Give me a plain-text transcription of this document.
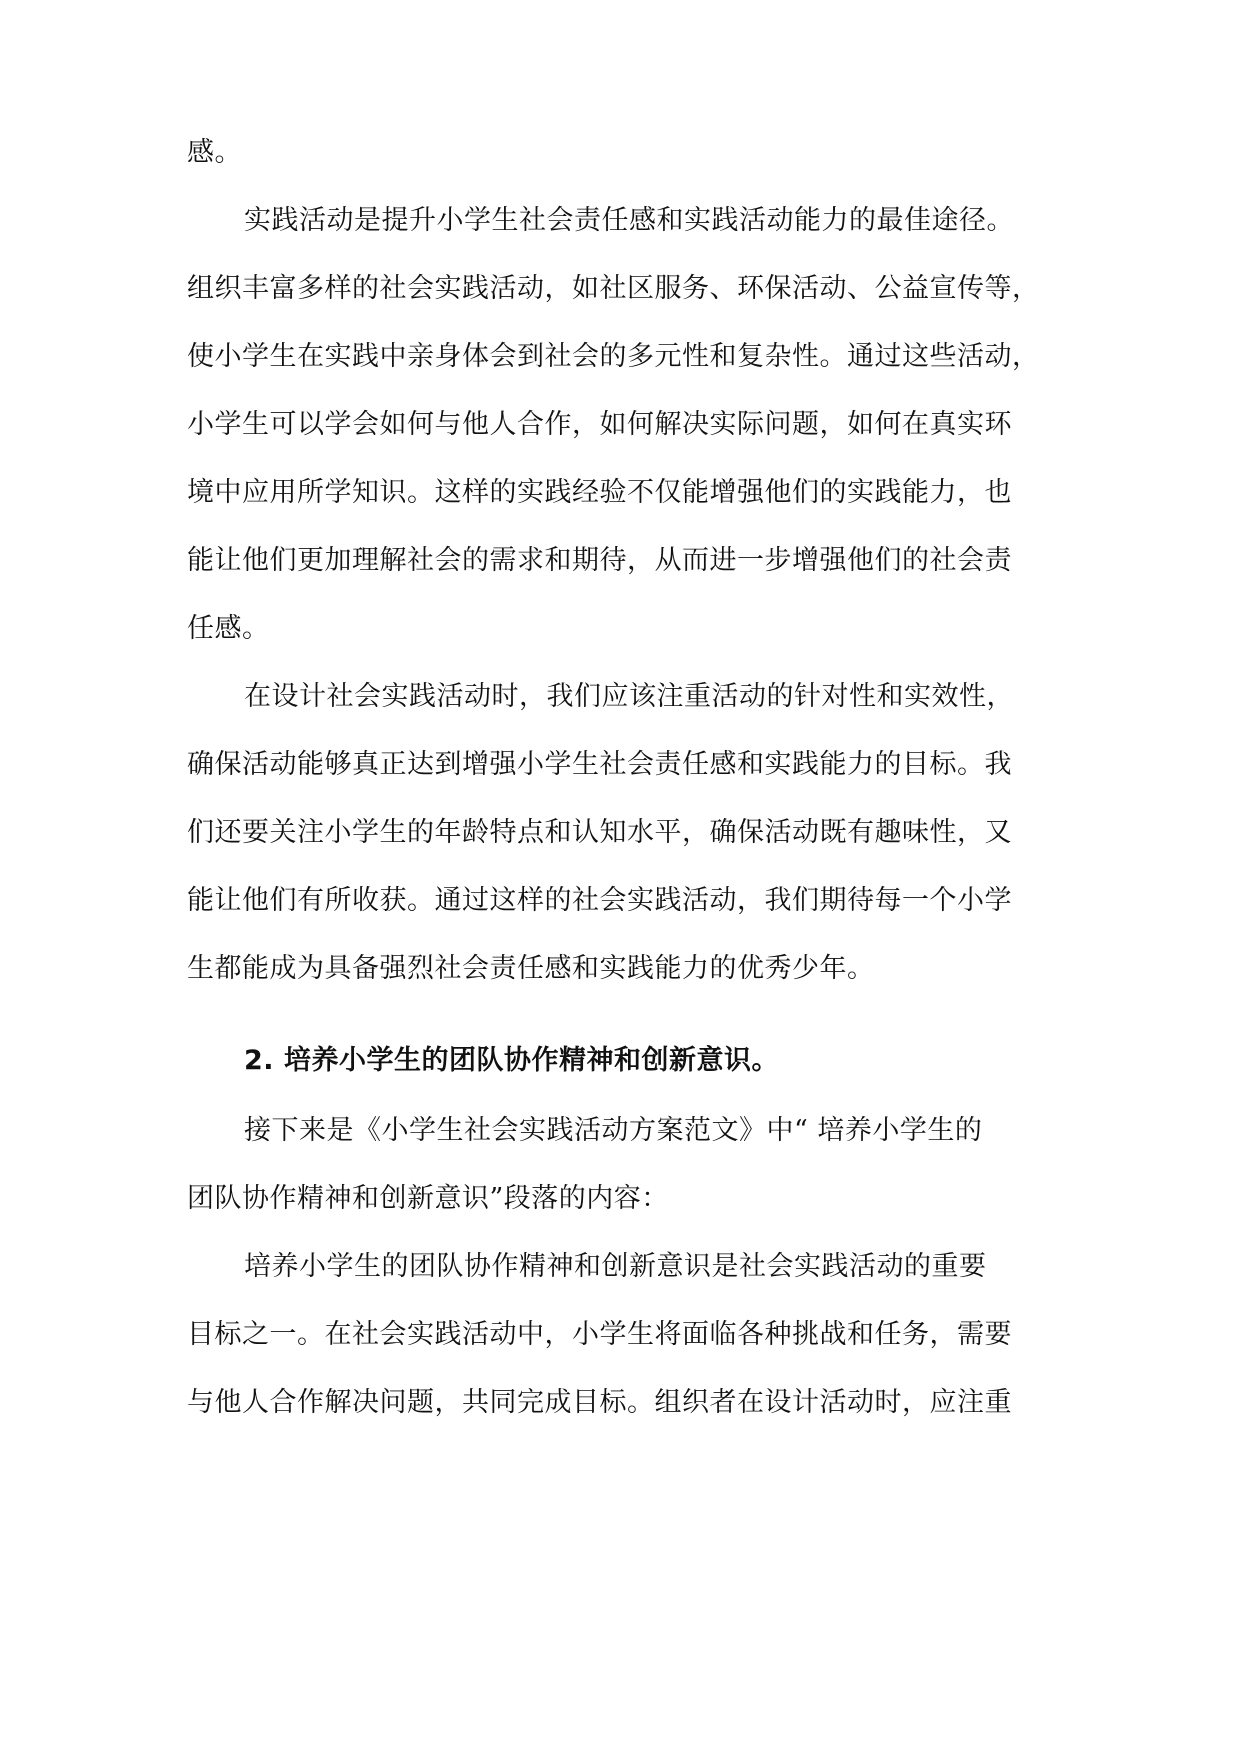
感。
实践活动是提升小学生社会责任感和实践活动能力的最佳途径。
组织丰富多样的社会实践活动，如社区服务、环保活动、公益宣传等，
使小学生在实践中亲身体会到社会的多元性和复杂性。通过这些活动，
小学生可以学会如何与他人合作，如何解决实际问题，如何在真实环
境中应用所学知识。这样的实践经验不仅能增强他们的实践能力，也
能让他们更加理解社会的需求和期待，从而进一步增强他们的社会责
任感。
在设计社会实践活动时，我们应该注重活动的针对性和实效性，
确保活动能够真正达到增强小学生社会责任感和实践能力的目标。我
们还要关注小学生的年龄特点和认知水平，确保活动既有趣味性，又
能让他们有所收获。通过这样的社会实践活动，我们期待每一个小学
生都能成为具备强烈社会责任感和实践能力的优秀少年。
2. 培养小学生的团队协作精神和创新意识。
接下来是《小学生社会实践活动方案范文》中“ 培养小学生的
团队协作精神和创新意识”段落的内容：
培养小学生的团队协作精神和创新意识是社会实践活动的重要
目标之一。在社会实践活动中，小学生将面临各种挑战和任务，需要
与他人合作解决问题，共同完成目标。组织者在设计活动时，应注重
